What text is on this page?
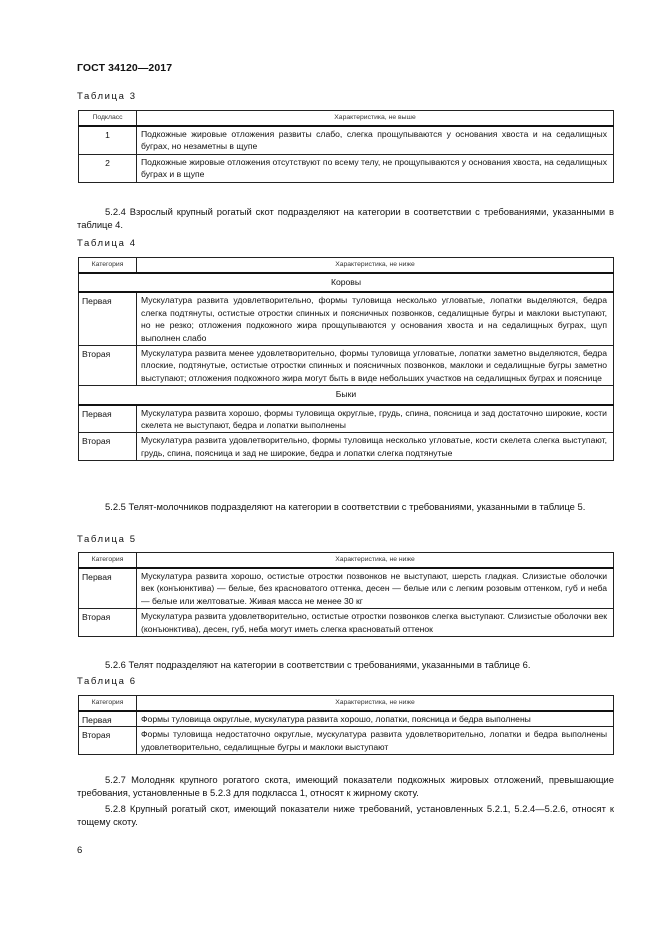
ГОСТ 34120—2017
Таблица 3
Подкласс	Характеристика, не выше
1	Подкожные жировые отложения развиты слабо, слегка прощупываются у основания хвоста и на седалищных буграх, но незаметны в щупе
2	Подкожные жировые отложения отсутствуют по всему телу, не прощупываются у основания хвоста, на седалищных буграх и в щупе
5.2.4 Взрослый крупный рогатый скот подразделяют на категории в соответствии с требованиями, указанными в таблице 4.
Таблица 4
Категория	Характеристика, не ниже
Коровы	
Первая	Мускулатура развита удовлетворительно, формы туловища несколько угловатые, лопатки выделяются, бедра слегка подтянуты, остистые отростки спинных и поясничных позвонков, седалищные бугры и маклоки выступают, но не резко; отложения подкожного жира прощупываются у основания хвоста и на седалищных буграх, щуп выполнен слабо
Вторая	Мускулатура развита менее удовлетворительно, формы туловища угловатые, лопатки заметно выделяются, бедра плоские, подтянутые, остистые отростки спинных и поясничных позвонков, маклоки и седалищные бугры заметно выступают; отложения подкожного жира могут быть в виде небольших участков на седалищных буграх и пояснице
Быки	
Первая	Мускулатура развита хорошо, формы туловища округлые, грудь, спина, поясница и зад достаточно широкие, кости скелета не выступают, бедра и лопатки выполнены
Вторая	Мускулатура развита удовлетворительно, формы туловища несколько угловатые, кости скелета слегка выступают, грудь, спина, поясница и зад не широкие, бедра и лопатки слегка подтянутые
5.2.5 Телят-молочников подразделяют на категории в соответствии с требованиями, указанными в таблице 5.
Таблица 5
Категория	Характеристика, не ниже
Первая	Мускулатура развита хорошо, остистые отростки позвонков не выступают, шерсть гладкая. Слизистые оболочки век (конъюнктива) — белые, без красноватого оттенка, десен — белые или с легким розовым оттенком, губ и неба — белые или желтоватые. Живая масса не менее 30 кг
Вторая	Мускулатура развита удовлетворительно, остистые отростки позвонков слегка выступают. Слизистые оболочки век (конъюнктива), десен, губ, неба могут иметь слегка красноватый оттенок
5.2.6 Телят подразделяют на категории в соответствии с требованиями, указанными в таблице 6.
Таблица 6
Категория	Характеристика, не ниже
Первая	Формы туловища округлые, мускулатура развита хорошо, лопатки, поясница и бедра выполнены
Вторая	Формы туловища недостаточно округлые, мускулатура развита удовлетворительно, лопатки и бедра выполнены удовлетворительно, седалищные бугры и маклоки выступают
5.2.7 Молодняк крупного рогатого скота, имеющий показатели подкожных жировых отложений, превышающие требования, установленные в 5.2.3 для подкласса 1, относят к жирному скоту.
5.2.8 Крупный рогатый скот, имеющий показатели ниже требований, установленных 5.2.1, 5.2.4—5.2.6, относят к тощему скоту.
6
